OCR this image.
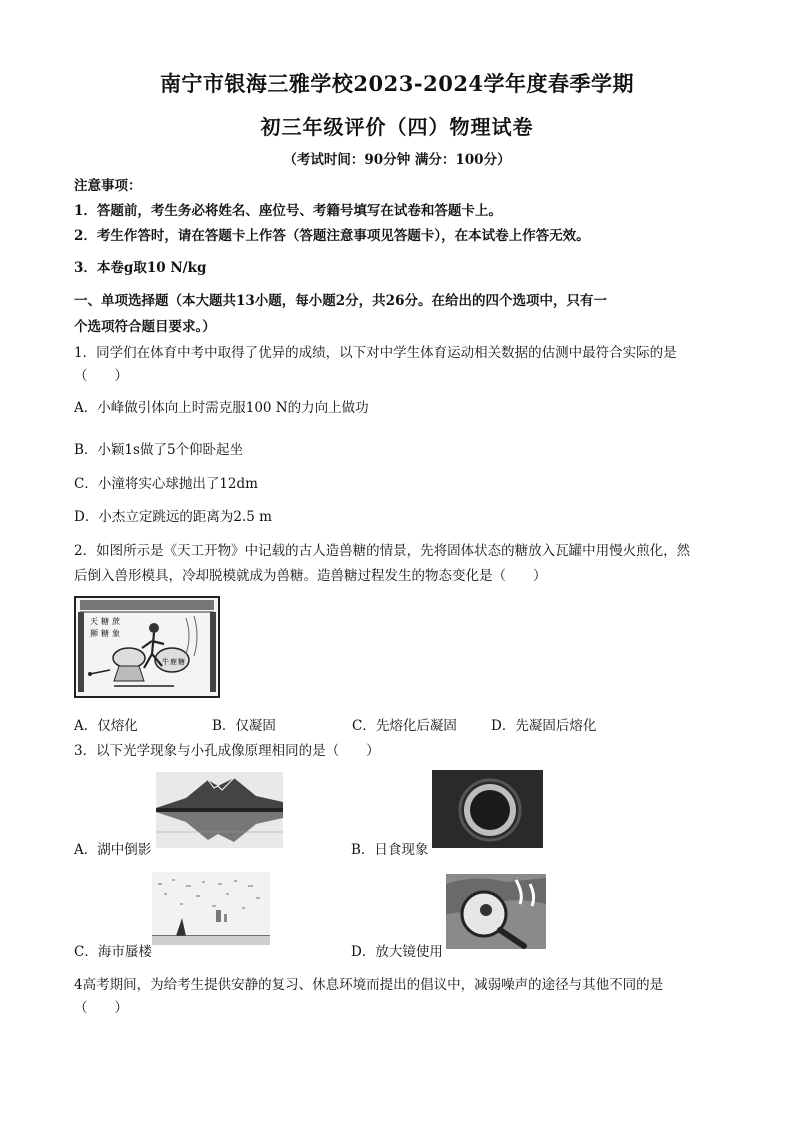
南宁市银海三雅学校2023-2024学年度春季学期
初三年级评价（四）物理试卷
（考试时间：90分钟 满分：100分）
注意事项：
1．答题前，考生务必将姓名、座位号、考籍号填写在试卷和答题卡上。
2．考生作答时，请在答题卡上作答（答题注意事项见答题卡），在本试卷上作答无效。
3．本卷g取10 N/kg
一、单项选择题（本大题共13小题，每小题2分，共26分。在给出的四个选项中，只有一
个选项符合题目要求。）
1．同学们在体育中考中取得了优异的成绩，以下对中学生体育运动相关数据的估测中最符合实际的是
（　　）
A．小峰做引体向上时需克服100 N的力向上做功
B．小颖1s做了5个仰卧起坐
C．小潼将实心球抛出了12dm
D．小杰立定跳远的距离为2.5 m
2．如图所示是《天工开物》中记载的古人造兽糖的情景，先将固体状态的糖放入瓦罐中用慢火煎化，然
后倒入兽形模具，冷却脱模就成为兽糖。造兽糖过程发生的物态变化是（　　）
天 糖 蔗
狮 糖 象
牛 鹿 糖
A．仅熔化	B．仅凝固	C．先熔化后凝固	D．先凝固后熔化
3．以下光学现象与小孔成像原理相同的是（　　）
A．湖中倒影	B．日食现象
C．海市蜃楼	D．放大镜使用
4高考期间，为给考生提供安静的复习、休息环境而提出的倡议中，减弱噪声的途径与其他不同的是
（　　）
